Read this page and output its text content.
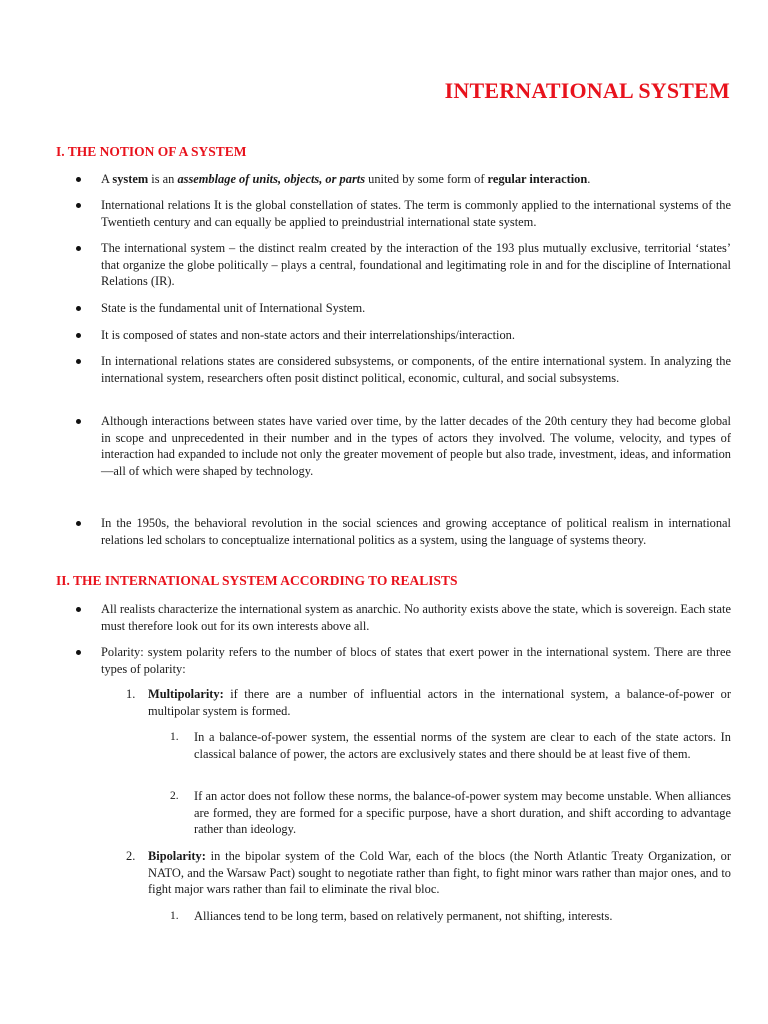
INTERNATIONAL SYSTEM
I. THE NOTION OF A SYSTEM
A system is an assemblage of units, objects, or parts united by some form of regular interaction.
International relations It is the global constellation of states. The term is commonly applied to the international systems of the Twentieth century and can equally be applied to preindustrial international state system.
The international system – the distinct realm created by the interaction of the 193 plus mutually exclusive, territorial ‘states’ that organize the globe politically – plays a central, foundational and legitimating role in and for the discipline of International Relations (IR).
State is the fundamental unit of International System.
It is composed of states and non-state actors and their interrelationships/interaction.
In international relations states are considered subsystems, or components, of the entire international system. In analyzing the international system, researchers often posit distinct political, economic, cultural, and social subsystems.
Although interactions between states have varied over time, by the latter decades of the 20th century they had become global in scope and unprecedented in their number and in the types of actors they involved. The volume, velocity, and types of interaction had expanded to include not only the greater movement of people but also trade, investment, ideas, and information—all of which were shaped by technology.
In the 1950s, the behavioral revolution in the social sciences and growing acceptance of political realism in international relations led scholars to conceptualize international politics as a system, using the language of systems theory.
II. THE INTERNATIONAL SYSTEM ACCORDING TO REALISTS
All realists characterize the international system as anarchic. No authority exists above the state, which is sovereign. Each state must therefore look out for its own interests above all.
Polarity: system polarity refers to the number of blocs of states that exert power in the international system. There are three types of polarity:
1. Multipolarity: if there are a number of influential actors in the international system, a balance-of-power or multipolar system is formed.
1. In a balance-of-power system, the essential norms of the system are clear to each of the state actors. In classical balance of power, the actors are exclusively states and there should be at least five of them.
2. If an actor does not follow these norms, the balance-of-power system may become unstable. When alliances are formed, they are formed for a specific purpose, have a short duration, and shift according to advantage rather than ideology.
2. Bipolarity: in the bipolar system of the Cold War, each of the blocs (the North Atlantic Treaty Organization, or NATO, and the Warsaw Pact) sought to negotiate rather than fight, to fight minor wars rather than major ones, and to fight major wars rather than fail to eliminate the rival bloc.
1. Alliances tend to be long term, based on relatively permanent, not shifting, interests.
